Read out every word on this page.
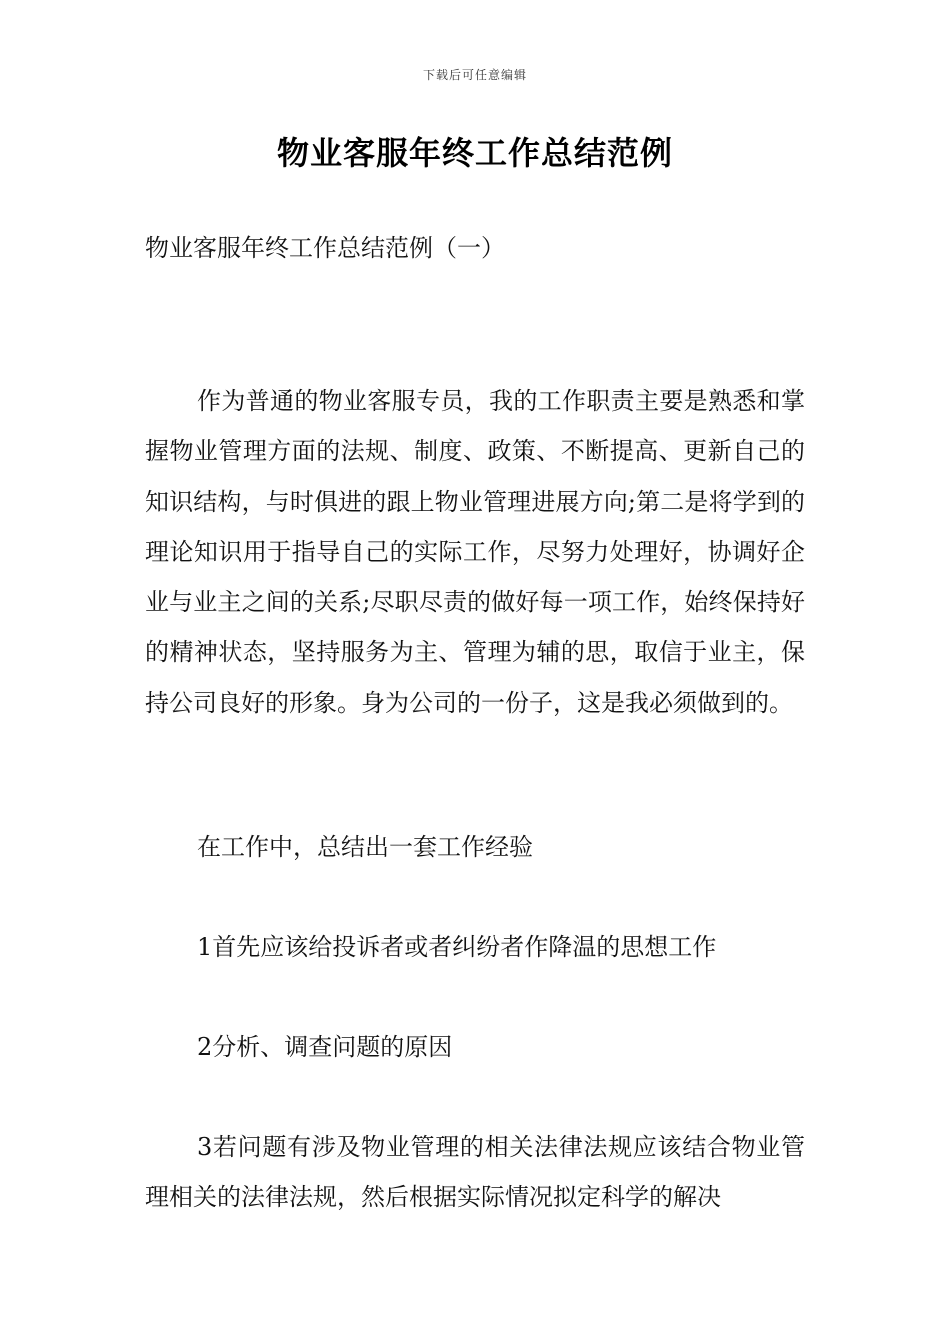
下载后可任意编辑
物业客服年终工作总结范例

物业客服年终工作总结范例（一）

作为普通的物业客服专员，我的工作职责主要是熟悉和掌握物业管理方面的法规、制度、政策、不断提高、更新自己的知识结构，与时俱进的跟上物业管理进展方向;第二是将学到的理论知识用于指导自己的实际工作，尽努力处理好，协调好企业与业主之间的关系;尽职尽责的做好每一项工作，始终保持好的精神状态，坚持服务为主、管理为辅的思，取信于业主，保持公司良好的形象。身为公司的一份子，这是我必须做到的。

在工作中，总结出一套工作经验

1首先应该给投诉者或者纠纷者作降温的思想工作

2分析、调查问题的原因

3若问题有涉及物业管理的相关法律法规应该结合物业管理相关的法律法规，然后根据实际情况拟定科学的解决
